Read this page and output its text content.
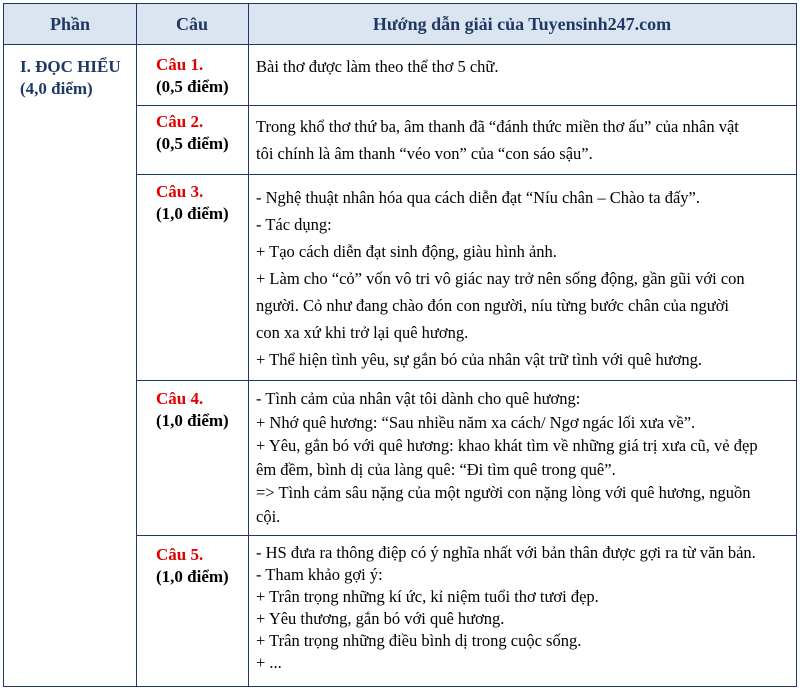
Phần	Câu	Hướng dẫn giải của Tuyensinh247.com
I. ĐỌC HIỂU
(4,0 điểm)
Câu 1.
(0,5 điểm)

Bài thơ được làm theo thể thơ 5 chữ.

Câu 2.
(0,5 điểm)

Trong khổ thơ thứ ba, âm thanh đã “đánh thức miền thơ ấu” của nhân vật

tôi chính là âm thanh “véo von” của “con sáo sậu”.

Câu 3.
(1,0 điểm)

- Nghệ thuật nhân hóa qua cách diễn đạt “Níu chân – Chào ta đấy”.

- Tác dụng:

+ Tạo cách diễn đạt sinh động, giàu hình ảnh.

+ Làm cho “cỏ” vốn vô tri vô giác nay trở nên sống động, gần gũi với con

người. Cỏ như đang chào đón con người, níu từng bước chân của người

con xa xứ khi trở lại quê hương.

+ Thể hiện tình yêu, sự gắn bó của nhân vật trữ tình với quê hương.

Câu 4.
(1,0 điểm)

- Tình cảm của nhân vật tôi dành cho quê hương:

+ Nhớ quê hương: “Sau nhiều năm xa cách/ Ngơ ngác lối xưa về”.

+ Yêu, gắn bó với quê hương: khao khát tìm về những giá trị xưa cũ, vẻ đẹp

êm đềm, bình dị của làng quê: “Đi tìm quê trong quê”.

=> Tình cảm sâu nặng của một người con nặng lòng với quê hương, nguồn

cội.

Câu 5.
(1,0 điểm)

- HS đưa ra thông điệp có ý nghĩa nhất với bản thân được gợi ra từ văn bản.

- Tham khảo gợi ý:

+ Trân trọng những kí ức, kỉ niệm tuổi thơ tươi đẹp.

+ Yêu thương, gắn bó với quê hương.

+ Trân trọng những điều bình dị trong cuộc sống.

+ ...
